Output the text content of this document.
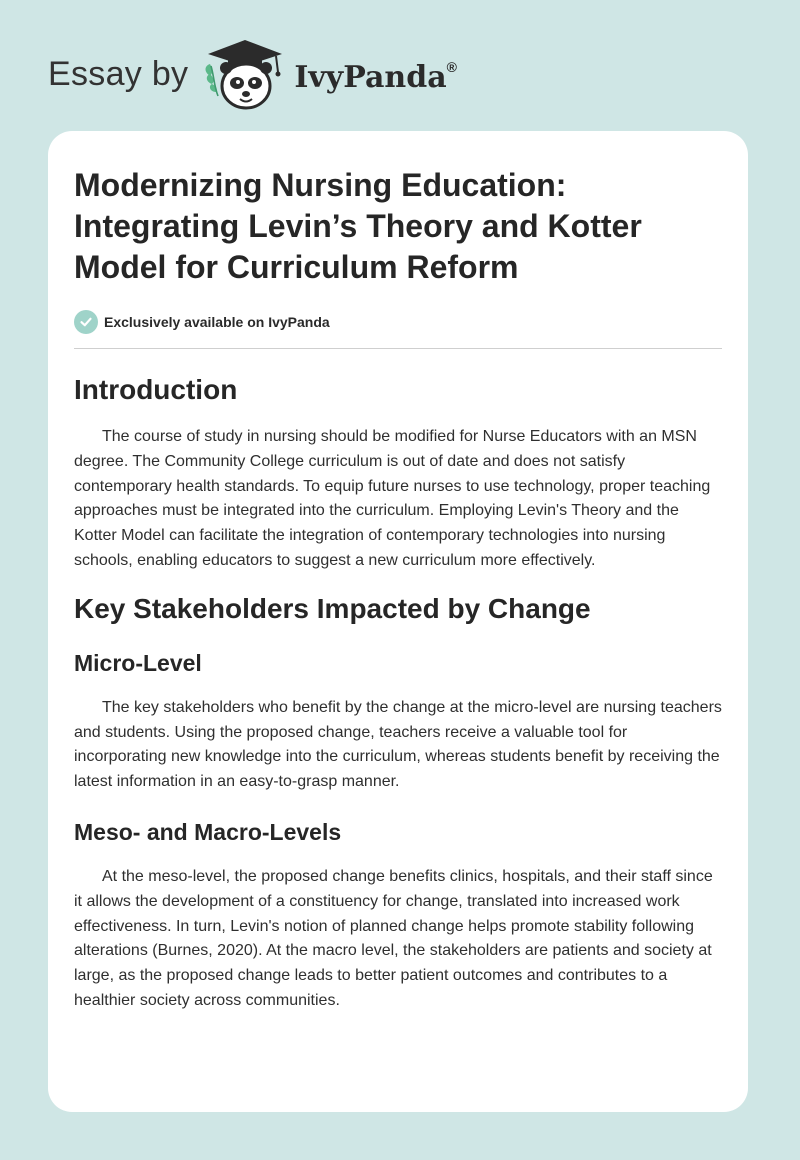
Essay by	IvyPanda®
Modernizing Nursing Education: Integrating Levin’s Theory and Kotter Model for Curriculum Reform
Exclusively available on IvyPanda
Introduction

The course of study in nursing should be modified for Nurse Educators with an MSN degree. The Community College curriculum is out of date and does not satisfy contemporary health standards. To equip future nurses to use technology, proper teaching approaches must be integrated into the curriculum. Employing Levin's Theory and the Kotter Model can facilitate the integration of contemporary technologies into nursing schools, enabling educators to suggest a new curriculum more effectively.

Key Stakeholders Impacted by Change
Micro-Level

The key stakeholders who benefit by the change at the micro-level are nursing teachers and students. Using the proposed change, teachers receive a valuable tool for incorporating new knowledge into the curriculum, whereas students benefit by receiving the latest information in an easy-to-grasp manner.

Meso- and Macro-Levels

At the meso-level, the proposed change benefits clinics, hospitals, and their staff since it allows the development of a constituency for change, translated into increased work effectiveness. In turn, Levin's notion of planned change helps promote stability following alterations (Burnes, 2020). At the macro level, the stakeholders are patients and society at large, as the proposed change leads to better patient outcomes and contributes to a healthier society across communities.
